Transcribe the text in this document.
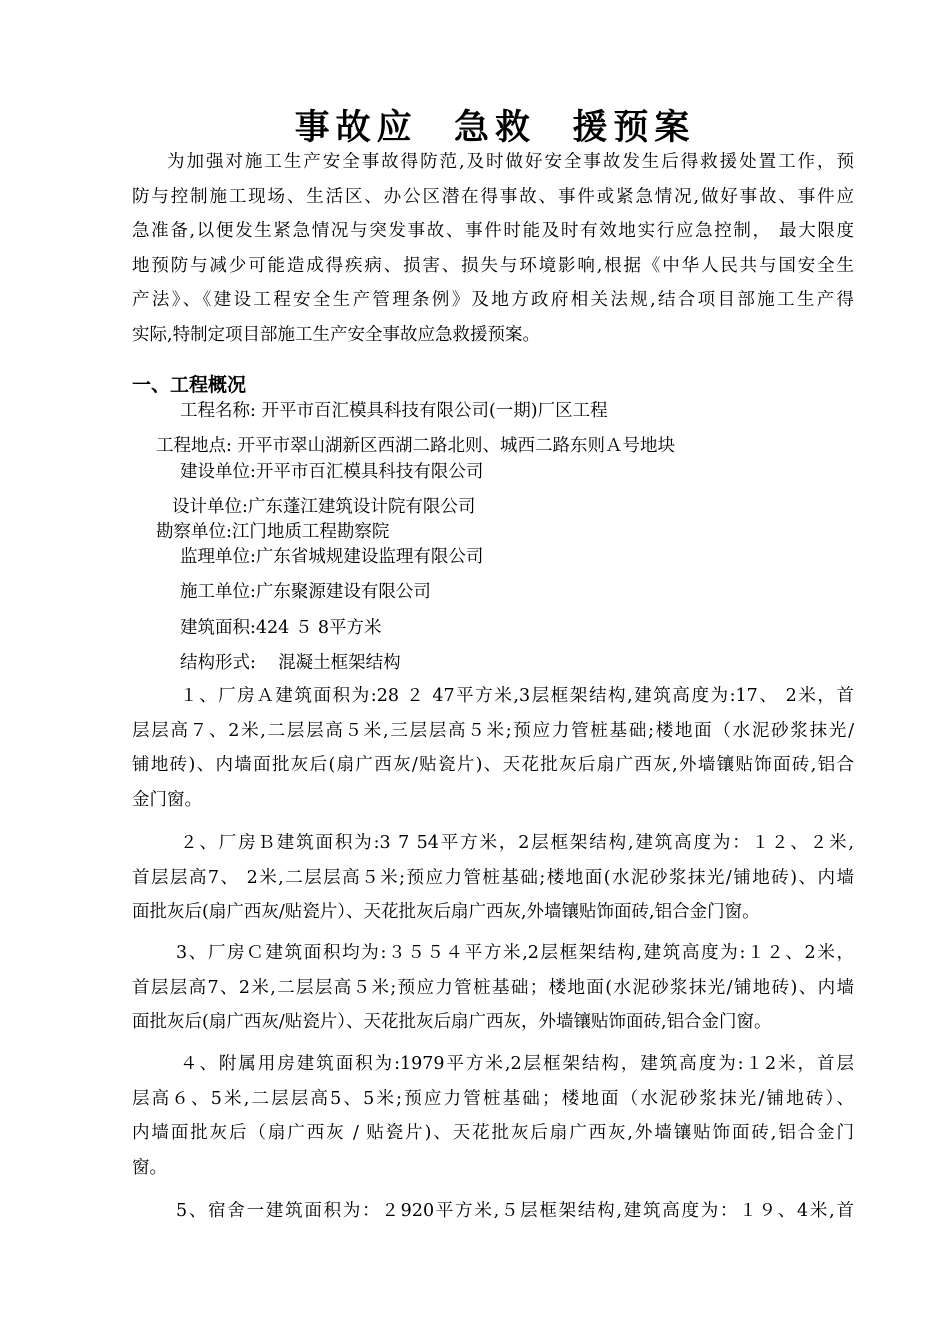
事故应  急救  援预案
为加强对施工生产安全事故得防范,及时做好安全事故发生后得救援处置工作，预
防与控制施工现场、生活区、办公区潜在得事故、事件或紧急情况,做好事故、事件应
急准备,以便发生紧急情况与突发事故、事件时能及时有效地实行应急控制， 最大限度
地预防与减少可能造成得疾病、损害、损失与环境影响,根据《中华人民共与国安全生
产法》、《建设工程安全生产管理条例》及地方政府相关法规,结合项目部施工生产得
实际,特制定项目部施工生产安全事故应急救援预案。
一、工程概况
工程名称: 开平市百汇模具科技有限公司(一期)厂区工程
工程地点: 开平市翠山湖新区西湖二路北则、城西二路东则Ａ号地块
建设单位:开平市百汇模具科技有限公司
设计单位:广东蓬江建筑设计院有限公司
勘察单位:江门地质工程勘察院
监理单位:广东省城规建设监理有限公司
施工单位:广东聚源建设有限公司
建筑面积:424 ５ 8平方米
结构形式:    混凝土框架结构
１、厂房Ａ建筑面积为:28 ２ 47平方米,3层框架结构,建筑高度为:17、 2米，首
层层高７、2米,二层层高５米,三层层高５米;预应力管桩基础;楼地面（水泥砂浆抹光/
铺地砖)、内墙面批灰后(扇广西灰/贴瓷片)、天花批灰后扇广西灰,外墙镶贴饰面砖,铝合
金门窗。
２、厂房Ｂ建筑面积为:3 7 54平方米，2层框架结构,建筑高度为：１２、２米,
首层层高7、 2米,二层层高５米;预应力管桩基础;楼地面(水泥砂浆抹光/铺地砖)、内墙
面批灰后(扇广西灰/贴瓷片）、天花批灰后扇广西灰,外墙镶贴饰面砖,铝合金门窗。
3、厂房Ｃ建筑面积均为:３５５４平方米,2层框架结构,建筑高度为:１２、2米，
首层层高7、2米,二层层高５米;预应力管桩基础；楼地面(水泥砂浆抹光/铺地砖)、内墙
面批灰后(扇广西灰/贴瓷片）、天花批灰后扇广西灰，外墙镶贴饰面砖,铝合金门窗。
４、附属用房建筑面积为:1979平方米,2层框架结构，建筑高度为:１2米，首层
层高６、5米,二层层高5、5米;预应力管桩基础；楼地面（水泥砂浆抹光/铺地砖）、
内墙面批灰后（扇广西灰 / 贴瓷片)、天花批灰后扇广西灰,外墙镶贴饰面砖,铝合金门
窗。
5、宿舍一建筑面积为：２920平方米,５层框架结构,建筑高度为：１９、4米,首
